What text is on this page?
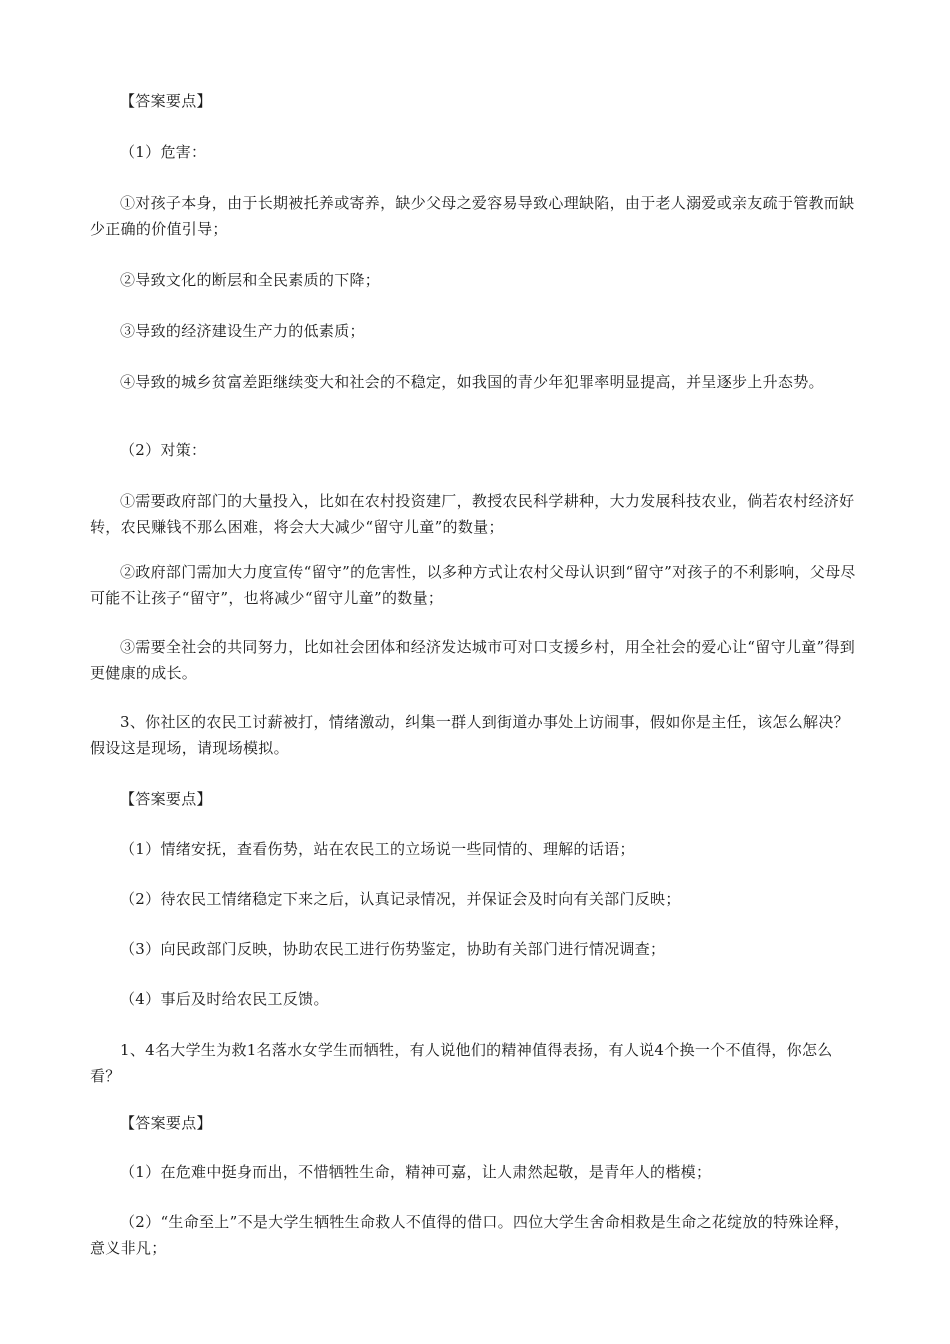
【答案要点】

（1）危害：

①对孩子本身，由于长期被托养或寄养，缺少父母之爱容易导致心理缺陷，由于老人溺爱或亲友疏于管教而缺少正确的价值引导；

②导致文化的断层和全民素质的下降；

③导致的经济建设生产力的低素质；

④导致的城乡贫富差距继续变大和社会的不稳定，如我国的青少年犯罪率明显提高，并呈逐步上升态势。

（2）对策：

①需要政府部门的大量投入，比如在农村投资建厂，教授农民科学耕种，大力发展科技农业，倘若农村经济好转，农民赚钱不那么困难，将会大大减少“留守儿童”的数量；

②政府部门需加大力度宣传“留守”的危害性，以多种方式让农村父母认识到“留守”对孩子的不利影响，父母尽可能不让孩子“留守”，也将减少“留守儿童”的数量；

③需要全社会的共同努力，比如社会团体和经济发达城市可对口支援乡村，用全社会的爱心让“留守儿童”得到更健康的成长。

3、你社区的农民工讨薪被打，情绪激动，纠集一群人到街道办事处上访闹事，假如你是主任，该怎么解决？假设这是现场，请现场模拟。

【答案要点】

（1）情绪安抚，查看伤势，站在农民工的立场说一些同情的、理解的话语；

（2）待农民工情绪稳定下来之后，认真记录情况，并保证会及时向有关部门反映；

（3）向民政部门反映，协助农民工进行伤势鉴定，协助有关部门进行情况调查；

（4）事后及时给农民工反馈。

1、4名大学生为救1名落水女学生而牺牲，有人说他们的精神值得表扬，有人说4个换一个不值得，你怎么看？

【答案要点】

（1）在危难中挺身而出，不惜牺牲生命，精神可嘉，让人肃然起敬，是青年人的楷模；

（2）“生命至上”不是大学生牺牲生命救人不值得的借口。四位大学生舍命相救是生命之花绽放的特殊诠释，意义非凡；
